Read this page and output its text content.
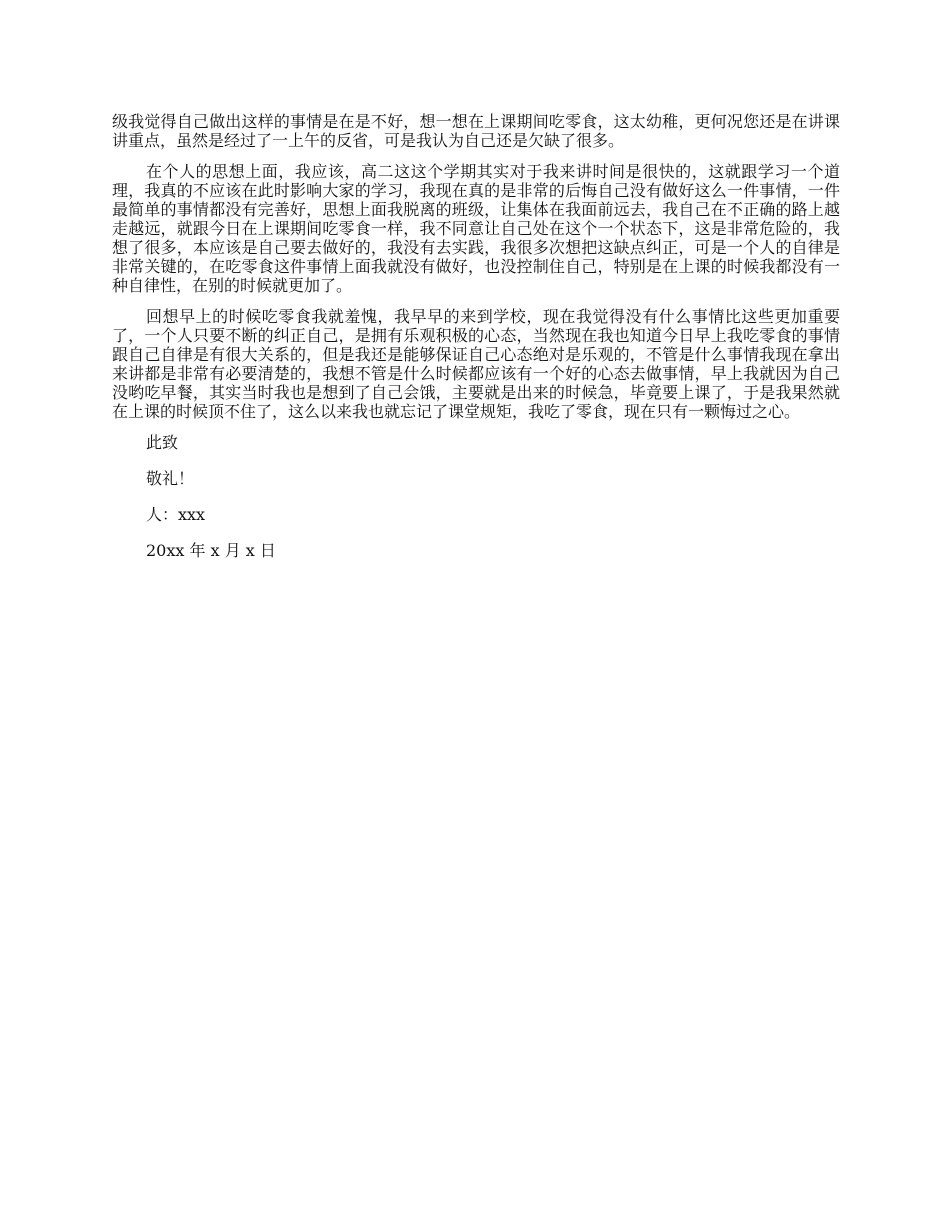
级我觉得自己做出这样的事情是在是不好，想一想在上课期间吃零食，这太幼稚，更何况您还是在讲课讲重点，虽然是经过了一上午的反省，可是我认为自己还是欠缺了很多。

在个人的思想上面，我应该，高二这这个学期其实对于我来讲时间是很快的，这就跟学习一个道理，我真的不应该在此时影响大家的学习，我现在真的是非常的后悔自己没有做好这么一件事情，一件最简单的事情都没有完善好，思想上面我脱离的班级，让集体在我面前远去，我自己在不正确的路上越走越远，就跟今日在上课期间吃零食一样，我不同意让自己处在这个一个状态下，这是非常危险的，我想了很多，本应该是自己要去做好的，我没有去实践，我很多次想把这缺点纠正，可是一个人的自律是非常关键的，在吃零食这件事情上面我就没有做好，也没控制住自己，特别是在上课的时候我都没有一种自律性，在别的时候就更加了。

回想早上的时候吃零食我就羞愧，我早早的来到学校，现在我觉得没有什么事情比这些更加重要了，一个人只要不断的纠正自己，是拥有乐观积极的心态，当然现在我也知道今日早上我吃零食的事情跟自己自律是有很大关系的，但是我还是能够保证自己心态绝对是乐观的，不管是什么事情我现在拿出来讲都是非常有必要清楚的，我想不管是什么时候都应该有一个好的心态去做事情，早上我就因为自己没哟吃早餐，其实当时我也是想到了自己会饿，主要就是出来的时候急，毕竟要上课了，于是我果然就在上课的时候顶不住了，这么以来我也就忘记了课堂规矩，我吃了零食，现在只有一颗悔过之心。

此致
敬礼！
人：xxx
20xx 年 x 月 x 日
